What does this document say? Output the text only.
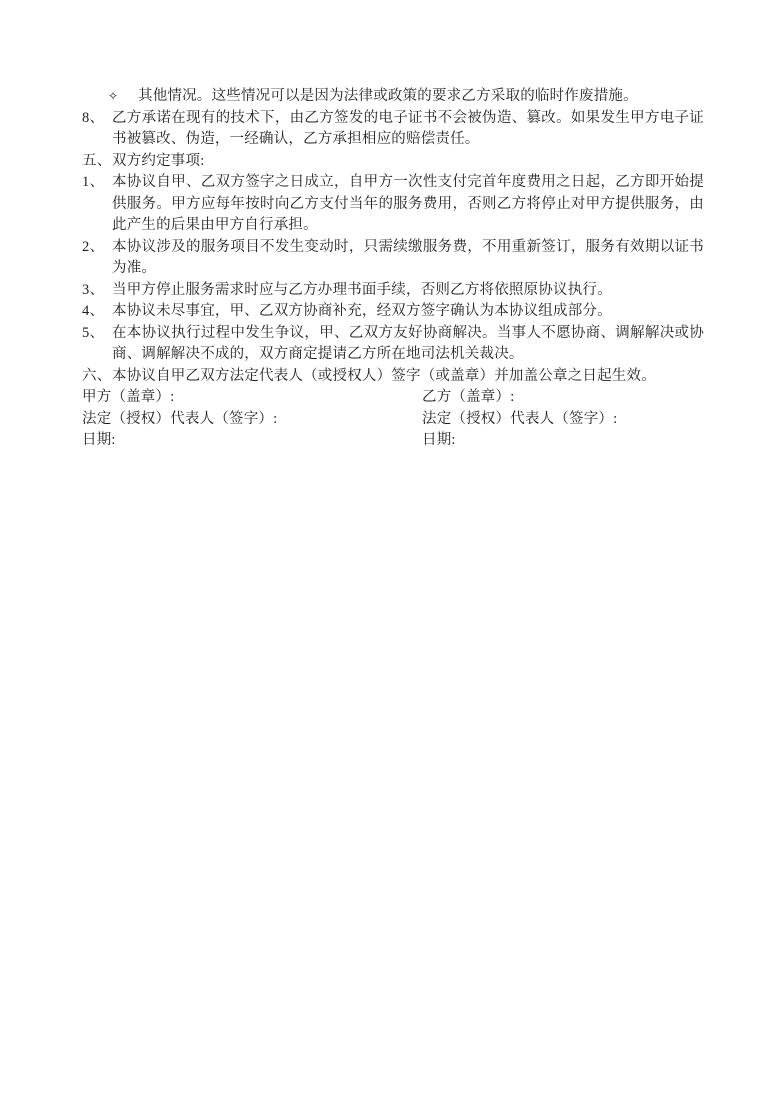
✧	其他情况。这些情况可以是因为法律或政策的要求乙方采取的临时作废措施。
8、 乙方承诺在现有的技术下，由乙方签发的电子证书不会被伪造、篡改。如果发生甲方电子证书被篡改、伪造，一经确认，乙方承担相应的赔偿责任。
五、 双方约定事项:
1、 本协议自甲、乙双方签字之日成立，自甲方一次性支付完首年度费用之日起，乙方即开始提供服务。甲方应每年按时向乙方支付当年的服务费用，否则乙方将停止对甲方提供服务，由此产生的后果由甲方自行承担。
2、 本协议涉及的服务项目不发生变动时，只需续缴服务费，不用重新签订，服务有效期以证书为准。
3、 当甲方停止服务需求时应与乙方办理书面手续，否则乙方将依照原协议执行。
4、 本协议未尽事宜，甲、乙双方协商补充，经双方签字确认为本协议组成部分。
5、 在本协议执行过程中发生争议，甲、乙双方友好协商解决。当事人不愿协商、调解解决或协商、调解解决不成的，双方商定提请乙方所在地司法机关裁决。
六、 本协议自甲乙双方法定代表人（或授权人）签字（或盖章）并加盖公章之日起生效。
甲方（盖章）:	乙方（盖章）:
法定（授权）代表人（签字）:	法定（授权）代表人（签字）:
日期:	日期:
